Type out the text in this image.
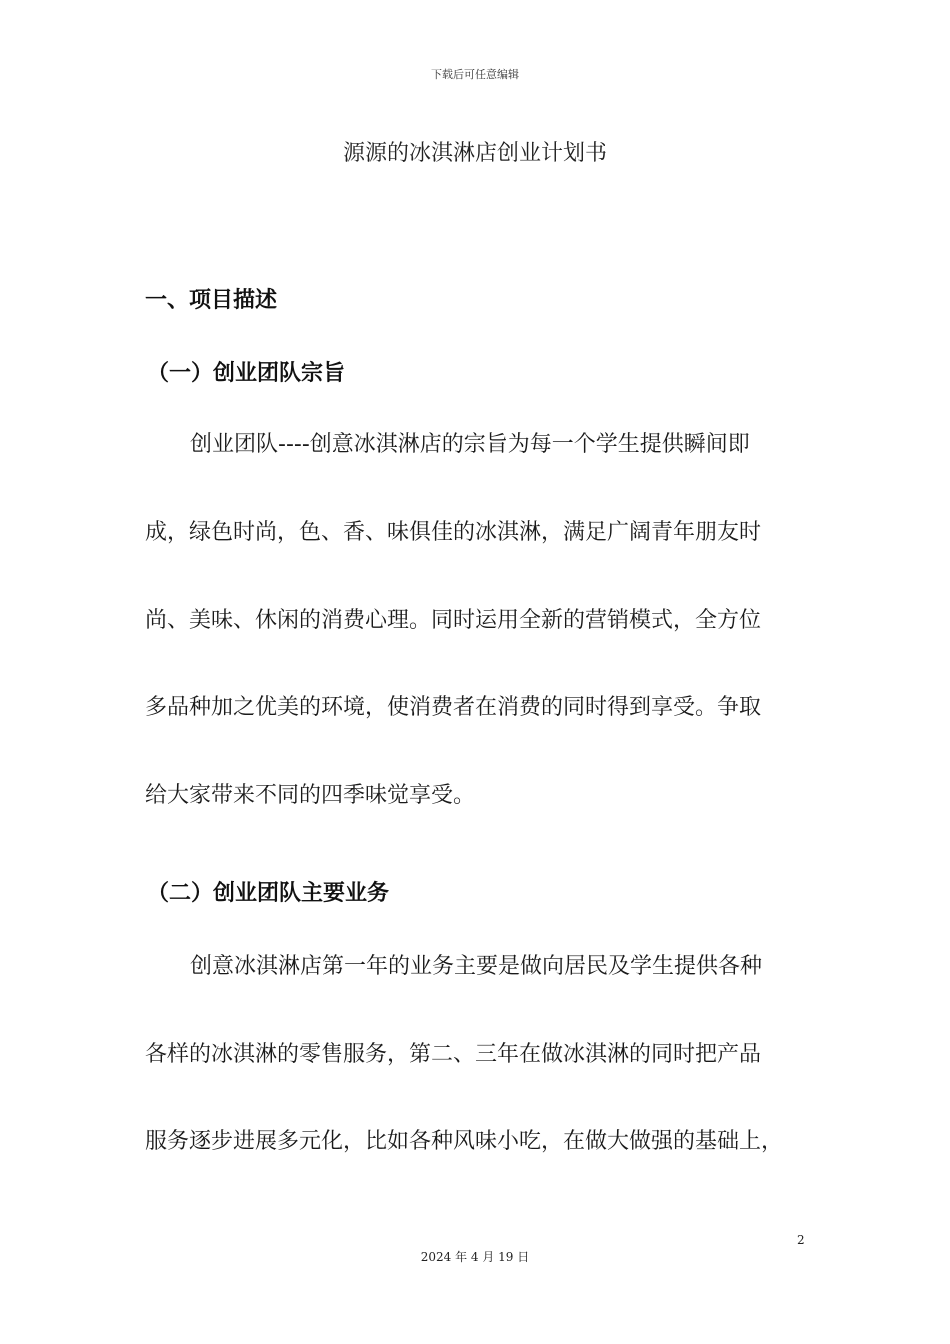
下载后可任意编辑
源源的冰淇淋店创业计划书
一、项目描述
（一）创业团队宗旨
创业团队----创意冰淇淋店的宗旨为每一个学生提供瞬间即
成，绿色时尚，色、香、味俱佳的冰淇淋，满足广阔青年朋友时
尚、美味、休闲的消费心理。同时运用全新的营销模式，全方位
多品种加之优美的环境，使消费者在消费的同时得到享受。争取
给大家带来不同的四季味觉享受。
（二）创业团队主要业务
创意冰淇淋店第一年的业务主要是做向居民及学生提供各种
各样的冰淇淋的零售服务，第二、三年在做冰淇淋的同时把产品
服务逐步进展多元化，比如各种风味小吃，在做大做强的基础上，
2
2024 年 4 月 19 日
